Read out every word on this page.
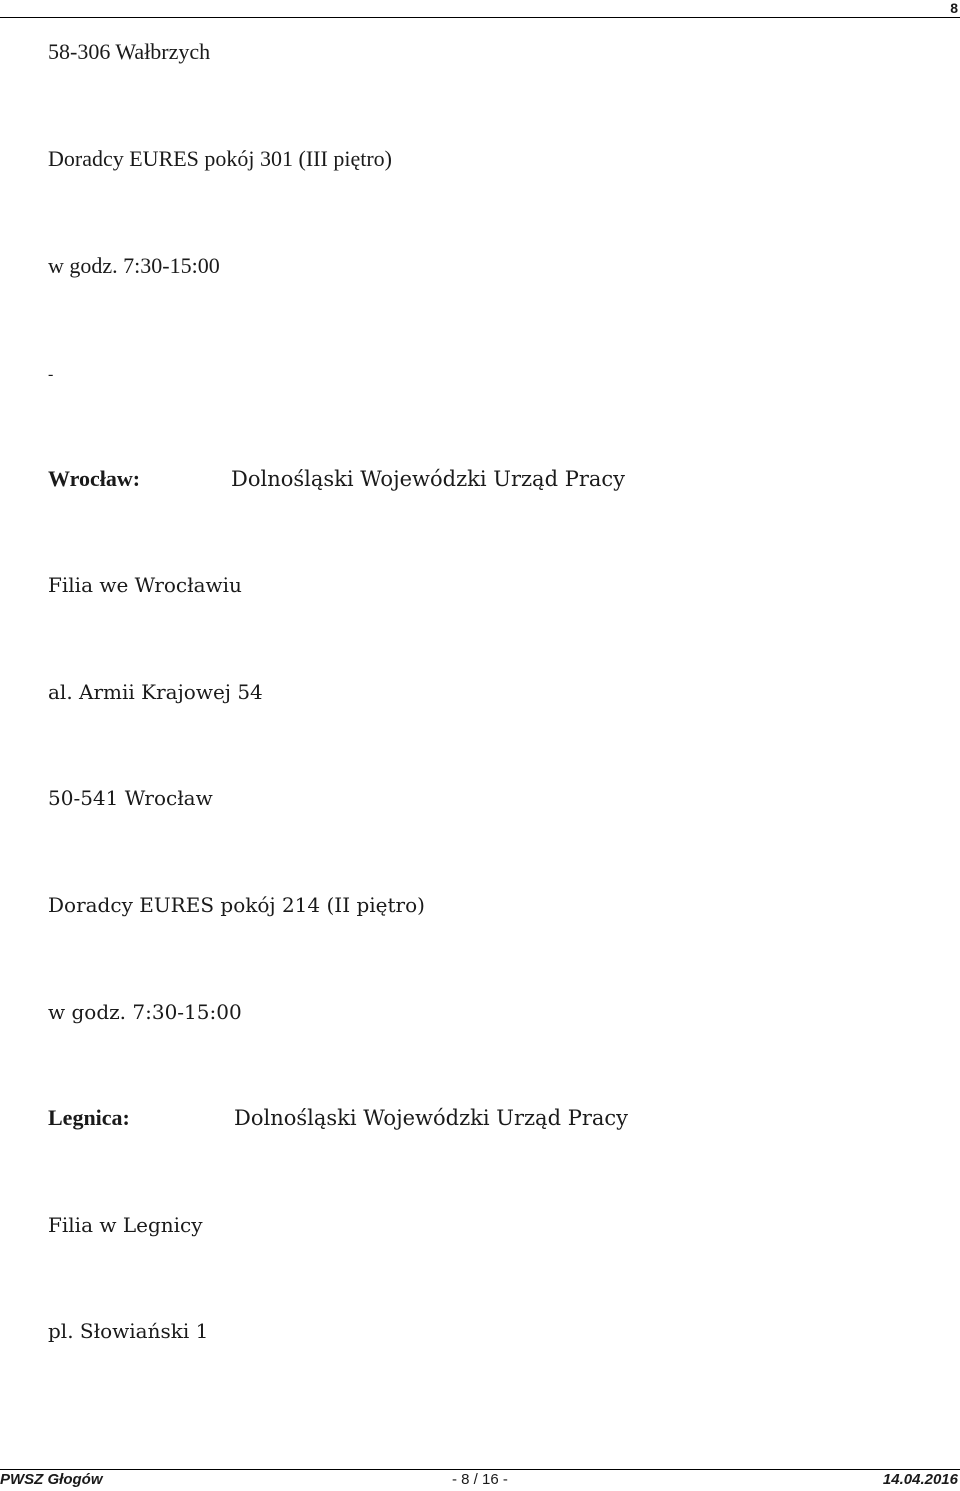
8
58-306 Wałbrzych
Doradcy EURES pokój 301 (III piętro)
w godz. 7:30-15:00
-
Wrocław:	Dolnośląski Wojewódzki Urząd Pracy
Filia we Wrocławiu
al. Armii Krajowej 54
50-541 Wrocław
Doradcy EURES pokój 214 (II piętro)
w godz. 7:30-15:00
Legnica:	Dolnośląski Wojewódzki Urząd Pracy
Filia w Legnicy
pl. Słowiański 1
PWSZ Głogów	- 8 / 16 -	14.04.2016
